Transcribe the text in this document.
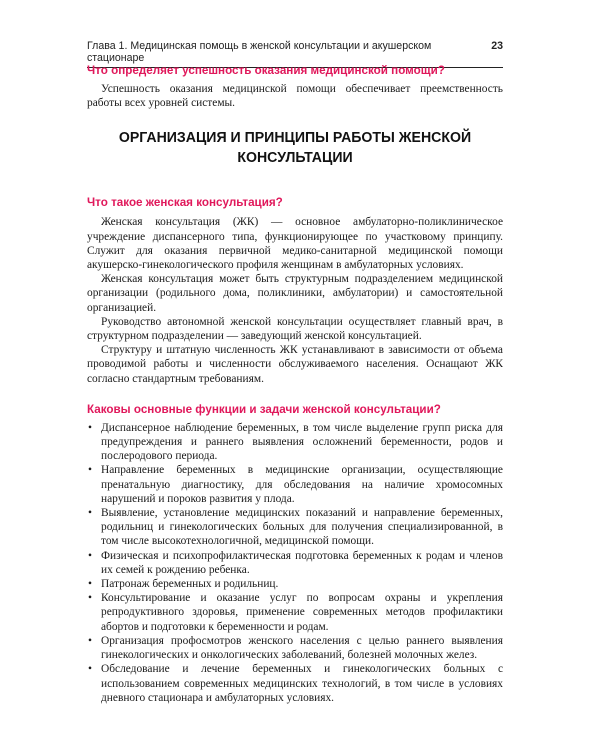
Глава 1. Медицинская помощь в женской консультации и акушерском стационаре
23
Что определяет успешность оказания медицинской помощи?

Успешность оказания медицинской помощи обеспечивает преемственность работы всех уровней системы.

ОРГАНИЗАЦИЯ И ПРИНЦИПЫ РАБОТЫ ЖЕНСКОЙ
КОНСУЛЬТАЦИИ
Что такое женская консультация?

Женская консультация (ЖК) — основное амбулаторно-поликлиническое учреждение диспансерного типа, функционирующее по участковому принципу. Служит для оказания первичной медико-санитарной медицинской помощи акушерско-гинекологического профиля женщинам в амбулаторных условиях.

Женская консультация может быть структурным подразделением медицинской организации (родильного дома, поликлиники, амбулатории) и самостоятельной организацией.

Руководство автономной женской консультации осуществляет главный врач, в структурном подразделении — заведующий женской консультацией.

Структуру и штатную численность ЖК устанавливают в зависимости от объема проводимой работы и численности обслуживаемого населения. Оснащают ЖК согласно стандартным требованиям.

Каковы основные функции и задачи женской консультации?
• Диспансерное наблюдение беременных, в том числе выделение групп риска для предупреждения и раннего выявления осложнений беременности, родов и послеродового периода.
• Направление беременных в медицинские организации, осуществляющие пренатальную диагностику, для обследования на наличие хромосомных нарушений и пороков развития у плода.
• Выявление, установление медицинских показаний и направление беременных, родильниц и гинекологических больных для получения специализированной, в том числе высокотехнологичной, медицинской помощи.
• Физическая и психопрофилактическая подготовка беременных к родам и членов их семей к рождению ребенка.
• Патронаж беременных и родильниц.
• Консультирование и оказание услуг по вопросам охраны и укрепления репродуктивного здоровья, применение современных методов профилактики абортов и подготовки к беременности и родам.
• Организация профосмотров женского населения с целью раннего выявления гинекологических и онкологических заболеваний, болезней молочных желез.
• Обследование и лечение беременных и гинекологических больных с использованием современных медицинских технологий, в том числе в условиях дневного стационара и амбулаторных условиях.
